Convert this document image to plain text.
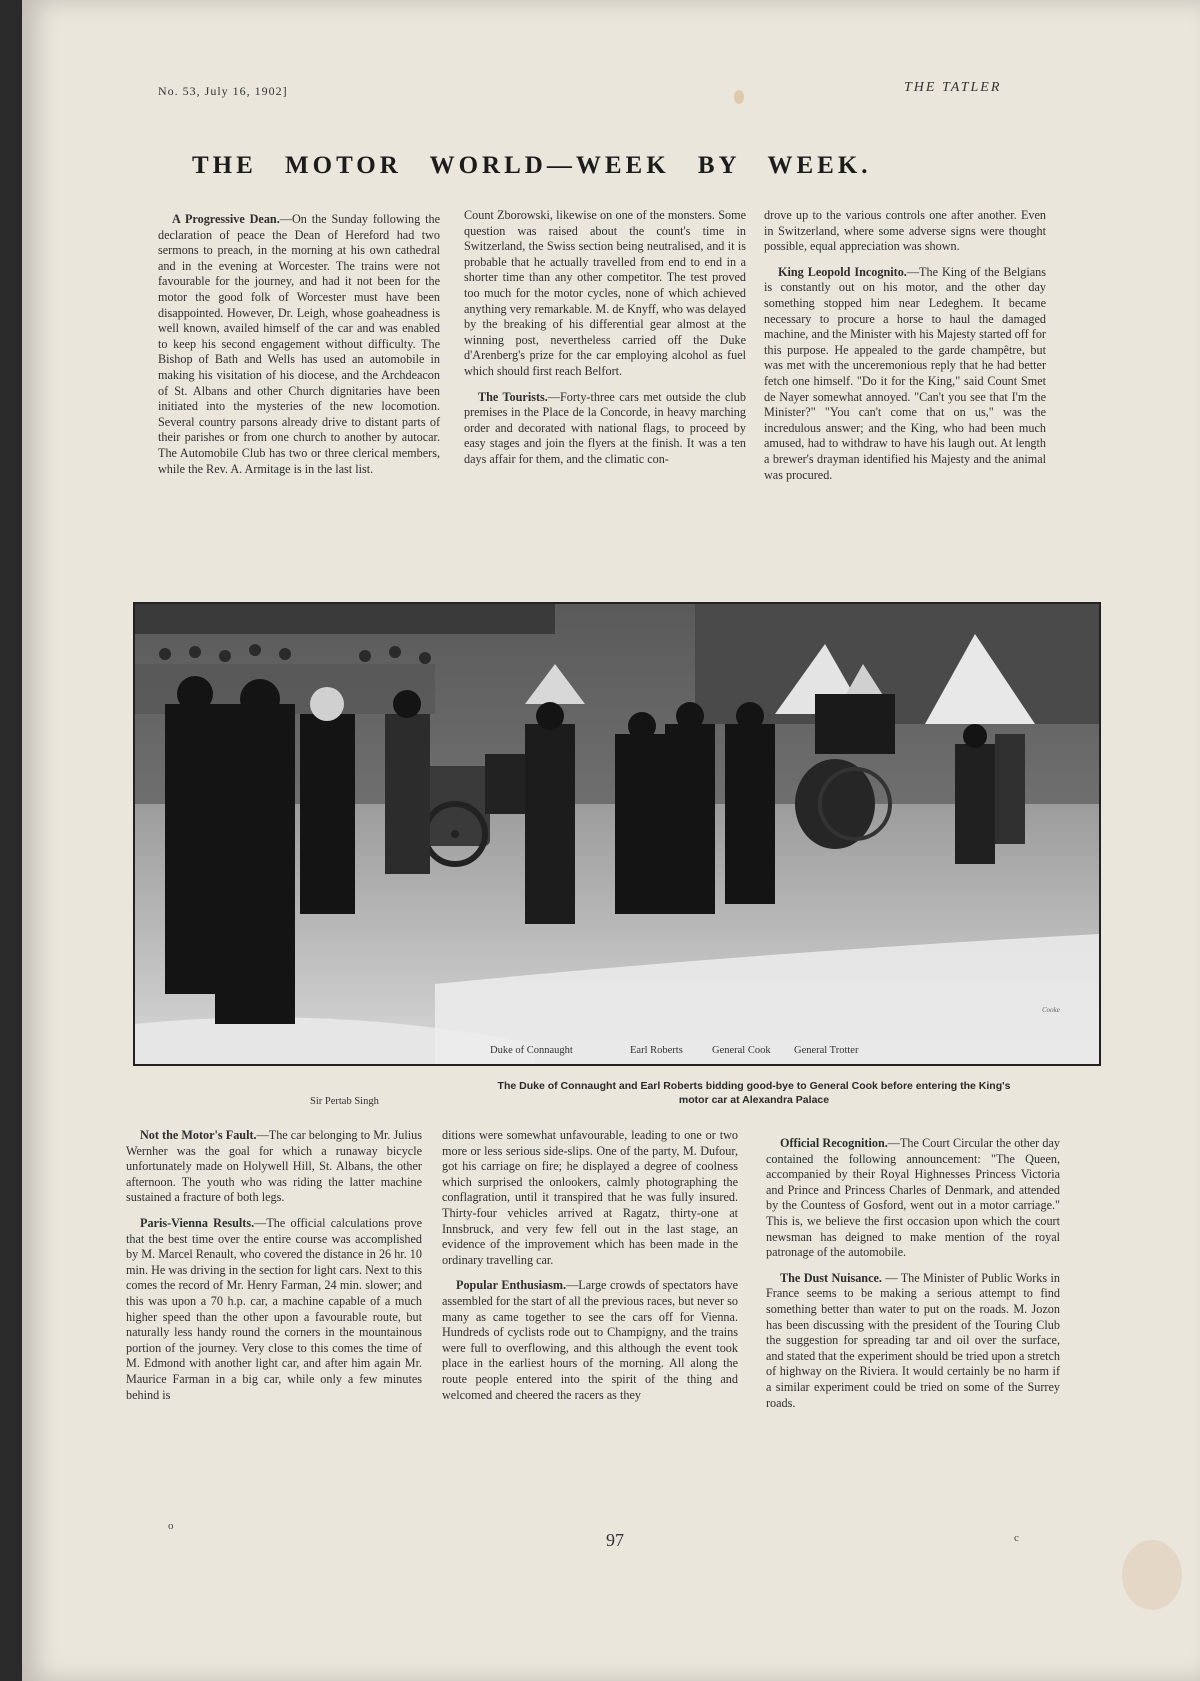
No. 53, July 16, 1902]	THE TATLER
THE MOTOR WORLD—WEEK BY WEEK.

A Progressive Dean.—On the Sunday following the declaration of peace the Dean of Hereford had two sermons to preach, in the morning at his own cathedral and in the evening at Worcester. The trains were not favourable for the journey, and had it not been for the motor the good folk of Worcester must have been disappointed. However, Dr. Leigh, whose goaheadness is well known, availed himself of the car and was enabled to keep his second engagement without difficulty. The Bishop of Bath and Wells has used an automobile in making his visitation of his diocese, and the Archdeacon of St. Albans and other Church dignitaries have been initiated into the mysteries of the new locomotion. Several country parsons already drive to distant parts of their parishes or from one church to another by autocar. The Automobile Club has two or three clerical members, while the Rev. A. Armitage is in the last list.

Count Zborowski, likewise on one of the monsters. Some question was raised about the count's time in Switzerland, the Swiss section being neutralised, and it is probable that he actually travelled from end to end in a shorter time than any other competitor. The test proved too much for the motor cycles, none of which achieved anything very remarkable. M. de Knyff, who was delayed by the breaking of his differential gear almost at the winning post, nevertheless carried off the Duke d'Arenberg's prize for the car employing alcohol as fuel which should first reach Belfort.

The Tourists.—Forty-three cars met outside the club premises in the Place de la Concorde, in heavy marching order and decorated with national flags, to proceed by easy stages and join the flyers at the finish. It was a ten days affair for them, and the climatic con-

drove up to the various controls one after another. Even in Switzerland, where some adverse signs were thought possible, equal appreciation was shown.

King Leopold Incognito.—The King of the Belgians is constantly out on his motor, and the other day something stopped him near Ledeghem. It became necessary to procure a horse to haul the damaged machine, and the Minister with his Majesty started off for this purpose. He appealed to the garde champêtre, but was met with the unceremonious reply that he had better fetch one himself. "Do it for the King," said Count Smet de Nayer somewhat annoyed. "Can't you see that I'm the Minister?" "You can't come that on us," was the incredulous answer; and the King, who had been much amused, had to withdraw to have his laugh out. At length a brewer's drayman identified his Majesty and the animal was procured.

Duke of Connaught	Earl Roberts	General Cook General Trotter
Sir Pertab Singh
Cooke
The Duke of Connaught and Earl Roberts bidding good-bye to General Cook before entering the King's
motor car at Alexandra Palace

Not the Motor's Fault.—The car belonging to Mr. Julius Wernher was the goal for which a runaway bicycle unfortunately made on Holywell Hill, St. Albans, the other afternoon. The youth who was riding the latter machine sustained a fracture of both legs.

Paris-Vienna Results.—The official calculations prove that the best time over the entire course was accomplished by M. Marcel Renault, who covered the distance in 26 hr. 10 min. He was driving in the section for light cars. Next to this comes the record of Mr. Henry Farman, 24 min. slower; and this was upon a 70 h.p. car, a machine capable of a much higher speed than the other upon a favourable route, but naturally less handy round the corners in the mountainous portion of the journey. Very close to this comes the time of M. Edmond with another light car, and after him again Mr. Maurice Farman in a big car, while only a few minutes behind is

ditions were somewhat unfavourable, leading to one or two more or less serious side-slips. One of the party, M. Dufour, got his carriage on fire; he displayed a degree of coolness which surprised the onlookers, calmly photographing the conflagration, until it transpired that he was fully insured. Thirty-four vehicles arrived at Ragatz, thirty-one at Innsbruck, and very few fell out in the last stage, an evidence of the improvement which has been made in the ordinary travelling car.

Popular Enthusiasm.—Large crowds of spectators have assembled for the start of all the previous races, but never so many as came together to see the cars off for Vienna. Hundreds of cyclists rode out to Champigny, and the trains were full to overflowing, and this although the event took place in the earliest hours of the morning. All along the route people entered into the spirit of the thing and welcomed and cheered the racers as they

Official Recognition.—The Court Circular the other day contained the following announcement: "The Queen, accompanied by their Royal Highnesses Princess Victoria and Prince and Princess Charles of Denmark, and attended by the Countess of Gosford, went out in a motor carriage." This is, we believe the first occasion upon which the court newsman has deigned to make mention of the royal patronage of the automobile.

The Dust Nuisance. — The Minister of Public Works in France seems to be making a serious attempt to find something better than water to put on the roads. M. Jozon has been discussing with the president of the Touring Club the suggestion for spreading tar and oil over the surface, and stated that the experiment should be tried upon a stretch of highway on the Riviera. It would certainly be no harm if a similar experiment could be tried on some of the Surrey roads.

97
o
c
